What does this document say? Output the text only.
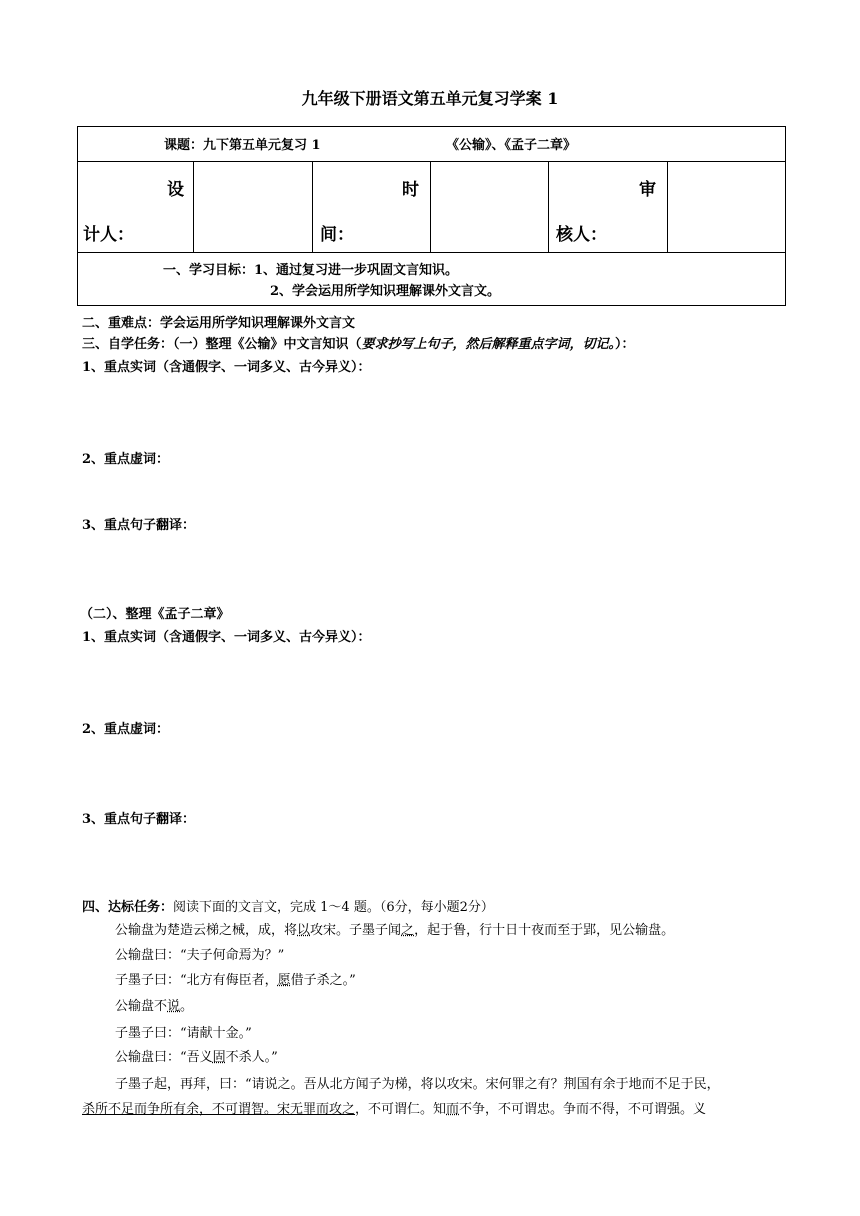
九年级下册语文第五单元复习学案 1
课题：九下第五单元复习 1	《公输》、《孟子二章》
设
计人：
时
间：
审
核人：
一、学习目标：1、通过复习进一步巩固文言知识。
2、学会运用所学知识理解课外文言文。
二、重难点：学会运用所学知识理解课外文言文
三、自学任务：（一）整理《公输》中文言知识（要求抄写上句子，然后解释重点字词，切记。）：
1、重点实词（含通假字、一词多义、古今异义）：
2、重点虚词：
3、重点句子翻译：
（二）、整理《孟子二章》
1、重点实词（含通假字、一词多义、古今异义）：
2、重点虚词：
3、重点句子翻译：
四、达标任务：阅读下面的文言文，完成 1～4 题。（6分，每小题2分）
公输盘为楚造云梯之械，成，将以攻宋。子墨子闻之，起于鲁，行十日十夜而至于郢，见公输盘。
公输盘曰：“夫子何命焉为？”
子墨子曰：“北方有侮臣者，愿借子杀之。”
公输盘不说。
子墨子曰：“请献十金。”
公输盘曰：“吾义固不杀人。”
子墨子起，再拜，曰：“请说之。吾从北方闻子为梯，将以攻宋。宋何罪之有？荆国有余于地而不足于民，
杀所不足而争所有余，不可谓智。宋无罪而攻之，不可谓仁。知而不争，不可谓忠。争而不得，不可谓强。义
